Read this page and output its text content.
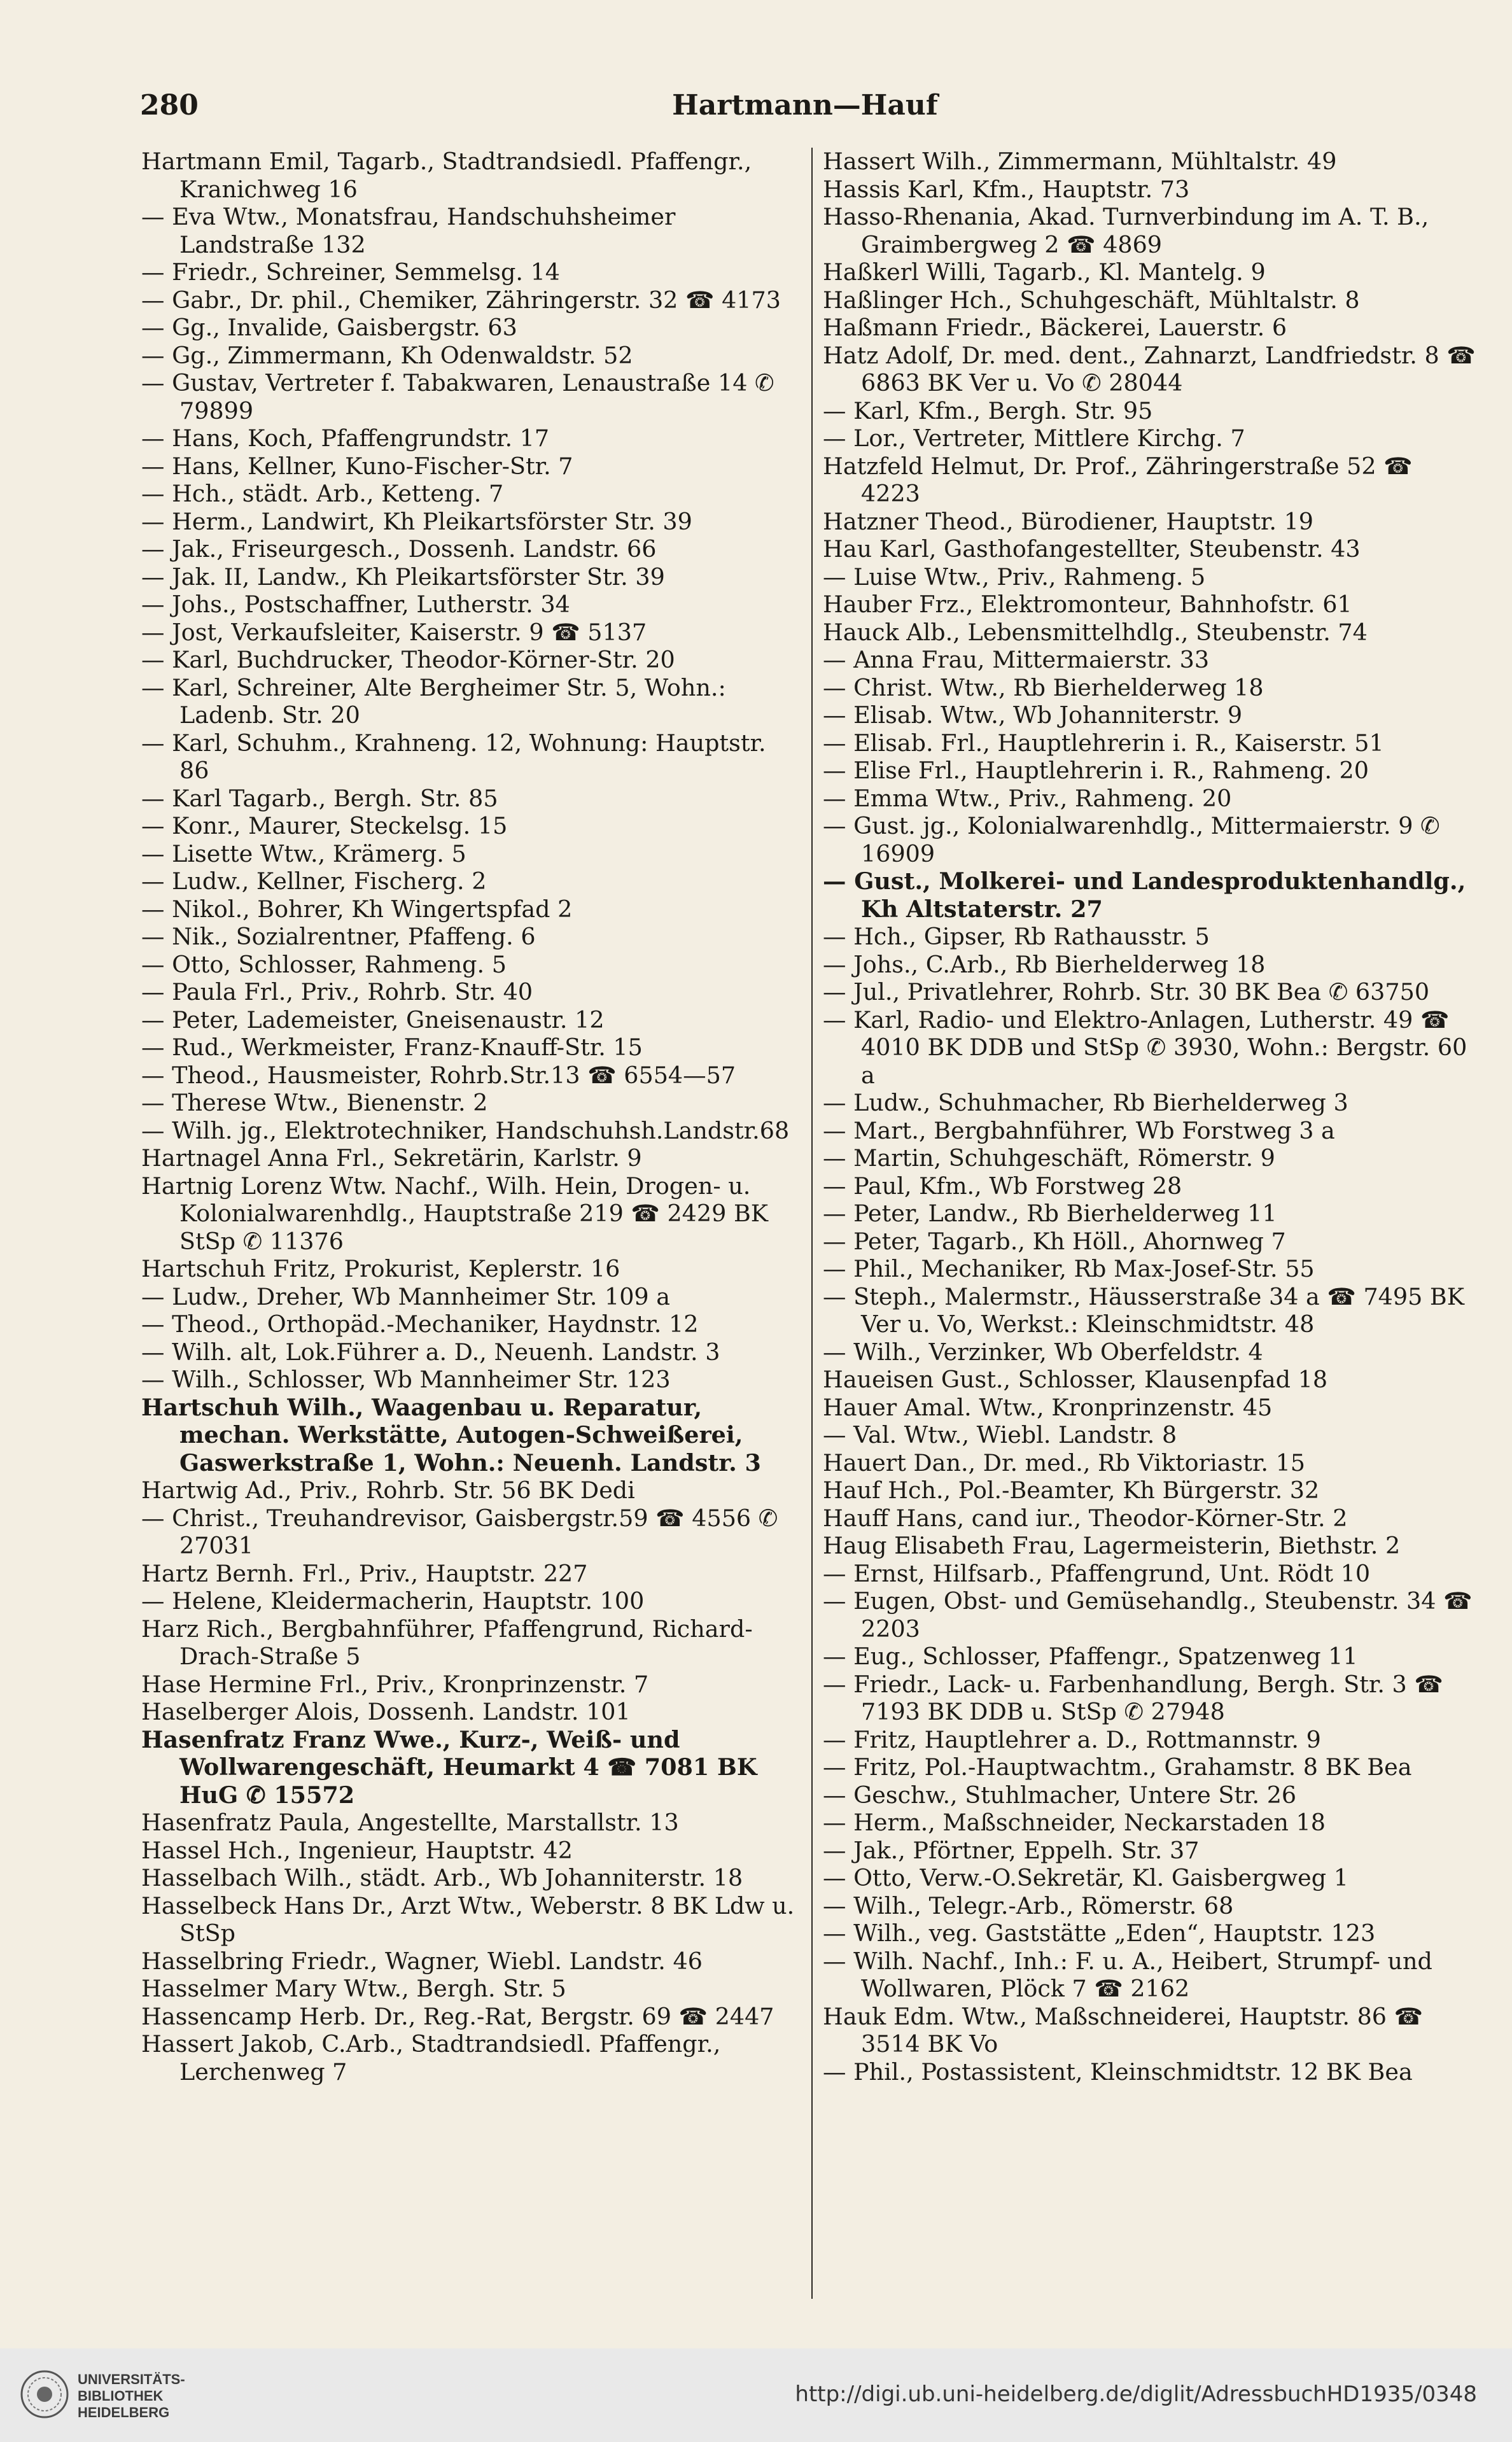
280	Hartmann—Hauf

Hartmann Emil, Tagarb., Stadtrandsiedl. Pfaffengr., Kranichweg 16

— Eva Wtw., Monatsfrau, Handschuhsheimer Landstraße 132

— Friedr., Schreiner, Semmelsg. 14

— Gabr., Dr. phil., Chemiker, Zähringerstr. 32 ☎ 4173

— Gg., Invalide, Gaisbergstr. 63

— Gg., Zimmermann, Kh Odenwaldstr. 52

— Gustav, Vertreter f. Tabakwaren, Lenaustraße 14 ✆ 79899

— Hans, Koch, Pfaffengrundstr. 17

— Hans, Kellner, Kuno-Fischer-Str. 7

— Hch., städt. Arb., Ketteng. 7

— Herm., Landwirt, Kh Pleikartsförster Str. 39

— Jak., Friseurgesch., Dossenh. Landstr. 66

— Jak. II, Landw., Kh Pleikartsförster Str. 39

— Johs., Postschaffner, Lutherstr. 34

— Jost, Verkaufsleiter, Kaiserstr. 9 ☎ 5137

— Karl, Buchdrucker, Theodor-Körner-Str. 20

— Karl, Schreiner, Alte Bergheimer Str. 5, Wohn.: Ladenb. Str. 20

— Karl, Schuhm., Krahneng. 12, Wohnung: Hauptstr. 86

— Karl Tagarb., Bergh. Str. 85

— Konr., Maurer, Steckelsg. 15

— Lisette Wtw., Krämerg. 5

— Ludw., Kellner, Fischerg. 2

— Nikol., Bohrer, Kh Wingertspfad 2

— Nik., Sozialrentner, Pfaffeng. 6

— Otto, Schlosser, Rahmeng. 5

— Paula Frl., Priv., Rohrb. Str. 40

— Peter, Lademeister, Gneisenaustr. 12

— Rud., Werkmeister, Franz-Knauff-Str. 15

— Theod., Hausmeister, Rohrb.Str.13 ☎ 6554—57

— Therese Wtw., Bienenstr. 2

— Wilh. jg., Elektrotechniker, Handschuhsh.Landstr.68

Hartnagel Anna Frl., Sekretärin, Karlstr. 9

Hartnig Lorenz Wtw. Nachf., Wilh. Hein, Drogen- u. Kolonialwarenhdlg., Hauptstraße 219 ☎ 2429 BK StSp ✆ 11376

Hartschuh Fritz, Prokurist, Keplerstr. 16

— Ludw., Dreher, Wb Mannheimer Str. 109 a

— Theod., Orthopäd.-Mechaniker, Haydnstr. 12

— Wilh. alt, Lok.Führer a. D., Neuenh. Landstr. 3

— Wilh., Schlosser, Wb Mannheimer Str. 123

Hartschuh Wilh., Waagenbau u. Reparatur, mechan. Werkstätte, Autogen-Schweißerei, Gaswerkstraße 1, Wohn.: Neuenh. Landstr. 3

Hartwig Ad., Priv., Rohrb. Str. 56 BK Dedi

— Christ., Treuhandrevisor, Gaisbergstr.59 ☎ 4556 ✆ 27031

Hartz Bernh. Frl., Priv., Hauptstr. 227

— Helene, Kleidermacherin, Hauptstr. 100

Harz Rich., Bergbahnführer, Pfaffengrund, Richard-Drach-Straße 5

Hase Hermine Frl., Priv., Kronprinzenstr. 7

Haselberger Alois, Dossenh. Landstr. 101

Hasenfratz Franz Wwe., Kurz-, Weiß- und Wollwarengeschäft, Heumarkt 4 ☎ 7081 BK HuG ✆ 15572

Hasenfratz Paula, Angestellte, Marstallstr. 13

Hassel Hch., Ingenieur, Hauptstr. 42

Hasselbach Wilh., städt. Arb., Wb Johanniterstr. 18

Hasselbeck Hans Dr., Arzt Wtw., Weberstr. 8 BK Ldw u. StSp

Hasselbring Friedr., Wagner, Wiebl. Landstr. 46

Hasselmer Mary Wtw., Bergh. Str. 5

Hassencamp Herb. Dr., Reg.-Rat, Bergstr. 69 ☎ 2447

Hassert Jakob, C.Arb., Stadtrandsiedl. Pfaffengr., Lerchenweg 7

Hassert Wilh., Zimmermann, Mühltalstr. 49

Hassis Karl, Kfm., Hauptstr. 73

Hasso-Rhenania, Akad. Turnverbindung im A. T. B., Graimbergweg 2 ☎ 4869

Haßkerl Willi, Tagarb., Kl. Mantelg. 9

Haßlinger Hch., Schuhgeschäft, Mühltalstr. 8

Haßmann Friedr., Bäckerei, Lauerstr. 6

Hatz Adolf, Dr. med. dent., Zahnarzt, Landfriedstr. 8 ☎ 6863 BK Ver u. Vo ✆ 28044

— Karl, Kfm., Bergh. Str. 95

— Lor., Vertreter, Mittlere Kirchg. 7

Hatzfeld Helmut, Dr. Prof., Zähringerstraße 52 ☎ 4223

Hatzner Theod., Bürodiener, Hauptstr. 19

Hau Karl, Gasthofangestellter, Steubenstr. 43

— Luise Wtw., Priv., Rahmeng. 5

Hauber Frz., Elektromonteur, Bahnhofstr. 61

Hauck Alb., Lebensmittelhdlg., Steubenstr. 74

— Anna Frau, Mittermaierstr. 33

— Christ. Wtw., Rb Bierhelderweg 18

— Elisab. Wtw., Wb Johanniterstr. 9

— Elisab. Frl., Hauptlehrerin i. R., Kaiserstr. 51

— Elise Frl., Hauptlehrerin i. R., Rahmeng. 20

— Emma Wtw., Priv., Rahmeng. 20

— Gust. jg., Kolonialwarenhdlg., Mittermaierstr. 9 ✆ 16909

— Gust., Molkerei- und Landesproduktenhandlg., Kh Altstaterstr. 27

— Hch., Gipser, Rb Rathausstr. 5

— Johs., C.Arb., Rb Bierhelderweg 18

— Jul., Privatlehrer, Rohrb. Str. 30 BK Bea ✆ 63750

— Karl, Radio- und Elektro-Anlagen, Lutherstr. 49 ☎ 4010 BK DDB und StSp ✆ 3930, Wohn.: Bergstr. 60 a

— Ludw., Schuhmacher, Rb Bierhelderweg 3

— Mart., Bergbahnführer, Wb Forstweg 3 a

— Martin, Schuhgeschäft, Römerstr. 9

— Paul, Kfm., Wb Forstweg 28

— Peter, Landw., Rb Bierhelderweg 11

— Peter, Tagarb., Kh Höll., Ahornweg 7

— Phil., Mechaniker, Rb Max-Josef-Str. 55

— Steph., Malermstr., Häusserstraße 34 a ☎ 7495 BK Ver u. Vo, Werkst.: Kleinschmidtstr. 48

— Wilh., Verzinker, Wb Oberfeldstr. 4

Haueisen Gust., Schlosser, Klausenpfad 18

Hauer Amal. Wtw., Kronprinzenstr. 45

— Val. Wtw., Wiebl. Landstr. 8

Hauert Dan., Dr. med., Rb Viktoriastr. 15

Hauf Hch., Pol.-Beamter, Kh Bürgerstr. 32

Hauff Hans, cand iur., Theodor-Körner-Str. 2

Haug Elisabeth Frau, Lagermeisterin, Biethstr. 2

— Ernst, Hilfsarb., Pfaffengrund, Unt. Rödt 10

— Eugen, Obst- und Gemüsehandlg., Steubenstr. 34 ☎ 2203

— Eug., Schlosser, Pfaffengr., Spatzenweg 11

— Friedr., Lack- u. Farbenhandlung, Bergh. Str. 3 ☎ 7193 BK DDB u. StSp ✆ 27948

— Fritz, Hauptlehrer a. D., Rottmannstr. 9

— Fritz, Pol.-Hauptwachtm., Grahamstr. 8 BK Bea

— Geschw., Stuhlmacher, Untere Str. 26

— Herm., Maßschneider, Neckarstaden 18

— Jak., Pförtner, Eppelh. Str. 37

— Otto, Verw.-O.Sekretär, Kl. Gaisbergweg 1

— Wilh., Telegr.-Arb., Römerstr. 68

— Wilh., veg. Gaststätte „Eden“, Hauptstr. 123

— Wilh. Nachf., Inh.: F. u. A., Heibert, Strumpf- und Wollwaren, Plöck 7 ☎ 2162

Hauk Edm. Wtw., Maßschneiderei, Hauptstr. 86 ☎ 3514 BK Vo

— Phil., Postassistent, Kleinschmidtstr. 12 BK Bea

UNIVERSITÄTS-
BIBLIOTHEK
HEIDELBERG
http://digi.ub.uni-heidelberg.de/diglit/AdressbuchHD1935/0348
